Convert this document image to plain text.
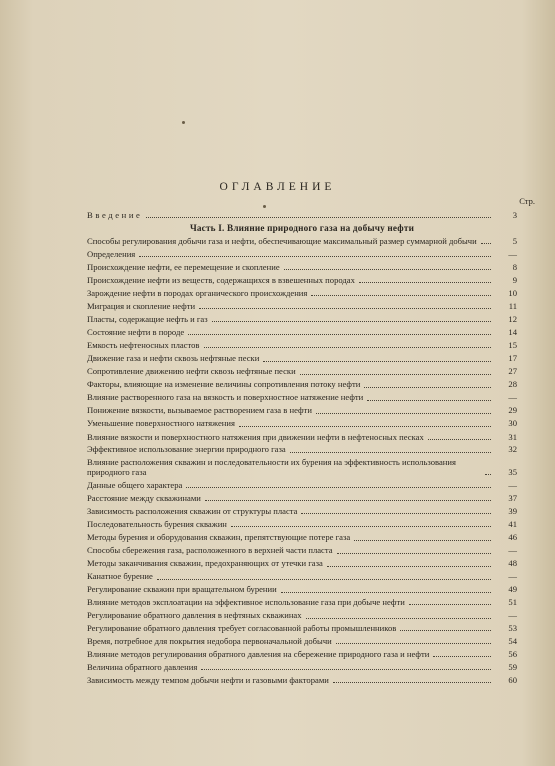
ОГЛАВЛЕНИЕ
Стр.
Введение	3
Часть I. Влияние природного газа на добычу нефти
Способы регулирования добычи газа и нефти, обеспечивающие максимальный размер суммарной добычи	5
Определения	—
Происхождение нефти, ее перемещение и скопление	8
Происхождение нефти из веществ, содержащихся в взвешенных породах	9
Зарождение нефти в породах органического происхождения	10
Миграция и скопление нефти	11
Пласты, содержащие нефть и газ	12
Состояние нефти в породе	14
Емкость нефтеносных пластов	15
Движение газа и нефти сквозь нефтяные пески	17
Сопротивление движению нефти сквозь нефтяные пески	27
Факторы, влияющие на изменение величины сопротивления потоку нефти	28
Влияние растворенного газа на вязкость и поверхностное натяжение нефти	—
Понижение вязкости, вызываемое растворением газа в нефти	29
Уменьшение поверхностного натяжения	30
Влияние вязкости и поверхностного натяжения при движении нефти в нефтеносных песках	31
Эффективное использование энергии природного газа	32
Влияние расположения скважин и последовательности их бурения на эффективность использования природного газа	35
Данные общего характера	—
Расстояние между скважинами	37
Зависимость расположения скважин от структуры пласта	39
Последовательность бурения скважин	41
Методы бурения и оборудования скважин, препятствующие потере газа	46
Способы сбережения газа, расположенного в верхней части пласта	—
Методы заканчивания скважин, предохраняющих от утечки газа	48
Канатное бурение	—
Регулирование скважин при вращательном бурении	49
Влияние методов эксплоатации на эффективное использование газа при добыче нефти	51
Регулирование обратного давления в нефтяных скважинах	—
Регулирование обратного давления требует согласованной работы промышленников	53
Время, потребное для покрытия недобора первоначальной добычи	54
Влияние методов регулирования обратного давления на сбережение природного газа и нефти	56
Величина обратного давления	59
Зависимость между темпом добычи нефти и газовыми факторами	60
